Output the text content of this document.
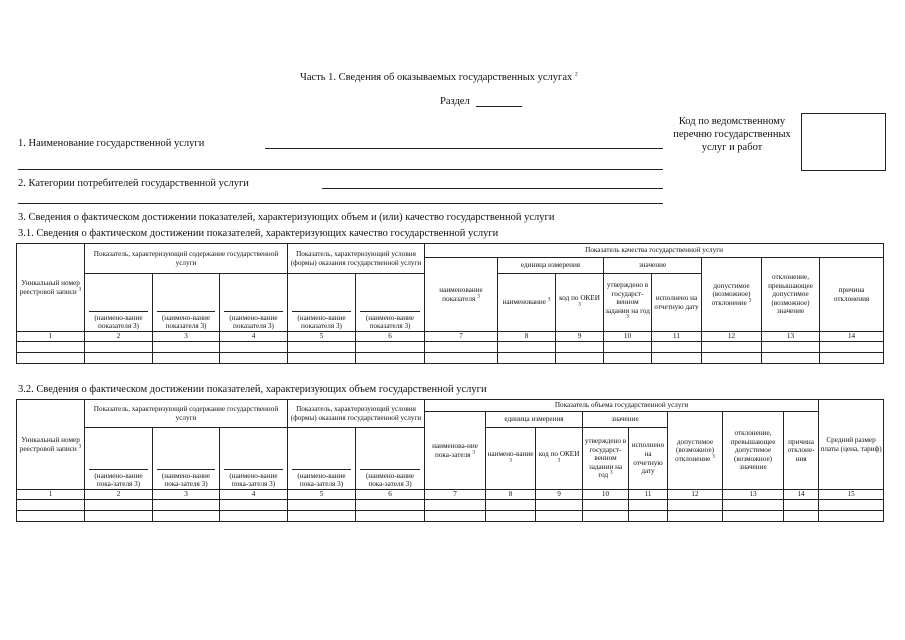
Часть 1. Сведения об оказываемых государственных услугах $^2$
Раздел
1. Наименование государственной услуги
2. Категории потребителей государственной услуги
Код по ведомственному перечню государственных услуг и работ
3. Сведения о фактическом достижении показателей, характеризующих объем и (или) качество государственной услуги
3.1. Сведения о фактическом достижении показателей, характеризующих качество государственной услуги
Уникальный номер реестровой записи $^3$	Показатель, характеризующий содержание государственной услуги			Показатель, характеризующий условия (формы) оказания государственной услуги		Показатель качества государственной услуги							
						наименование показателя $^3$	единица измерения		значение		допустимое (возможное) отклонение $^3$	отклонение, превышающее допустимое (возможное) значение	причина отклонения

	(наимено-вание показателя 3)	(наимено-вание показателя 3)	(наимено-вание показателя 3)	(наимено-вание показателя 3)	(наимено-вание показателя 3)		наименование $^3$	код по ОКЕИ $^3$	утверждено в государст-венном задании на год $^3$	исполнено на отчетную дату			
1	2	3	4	5	6	7	8	9	10	11	12	13	14

3.2. Сведения о фактическом достижении показателей, характеризующих объем государственной услуги
Уникальный номер реестровой записи $^3$	Показатель, характеризующий содержание государственной услуги			Показатель, характеризующий условия (формы) оказания государственной услуги		Показатель объема государственной услуги								Средний размер платы (цена, тариф)
						наименова-ние пока-зателя $^3$	единица измерения		значение		допустимое (возможное) отклонение $^3$	отклонение, превышающее допустимое (возможное) значение	причина отклоне-ния	

	(наимено-вание пока-зателя 3)	(наимено-вание пока-зателя 3)	(наимено-вание пока-зателя 3)	(наимено-вание пока-зателя 3)	(наимено-вание пока-зателя 3)		наимено-вание $^3$	код по ОКЕИ $^3$	утверждено в государст-венном задании на год $^3$	исполнено на отчетную дату				
1	2	3	4	5	6	7	8	9	10	11	12	13	14	15
